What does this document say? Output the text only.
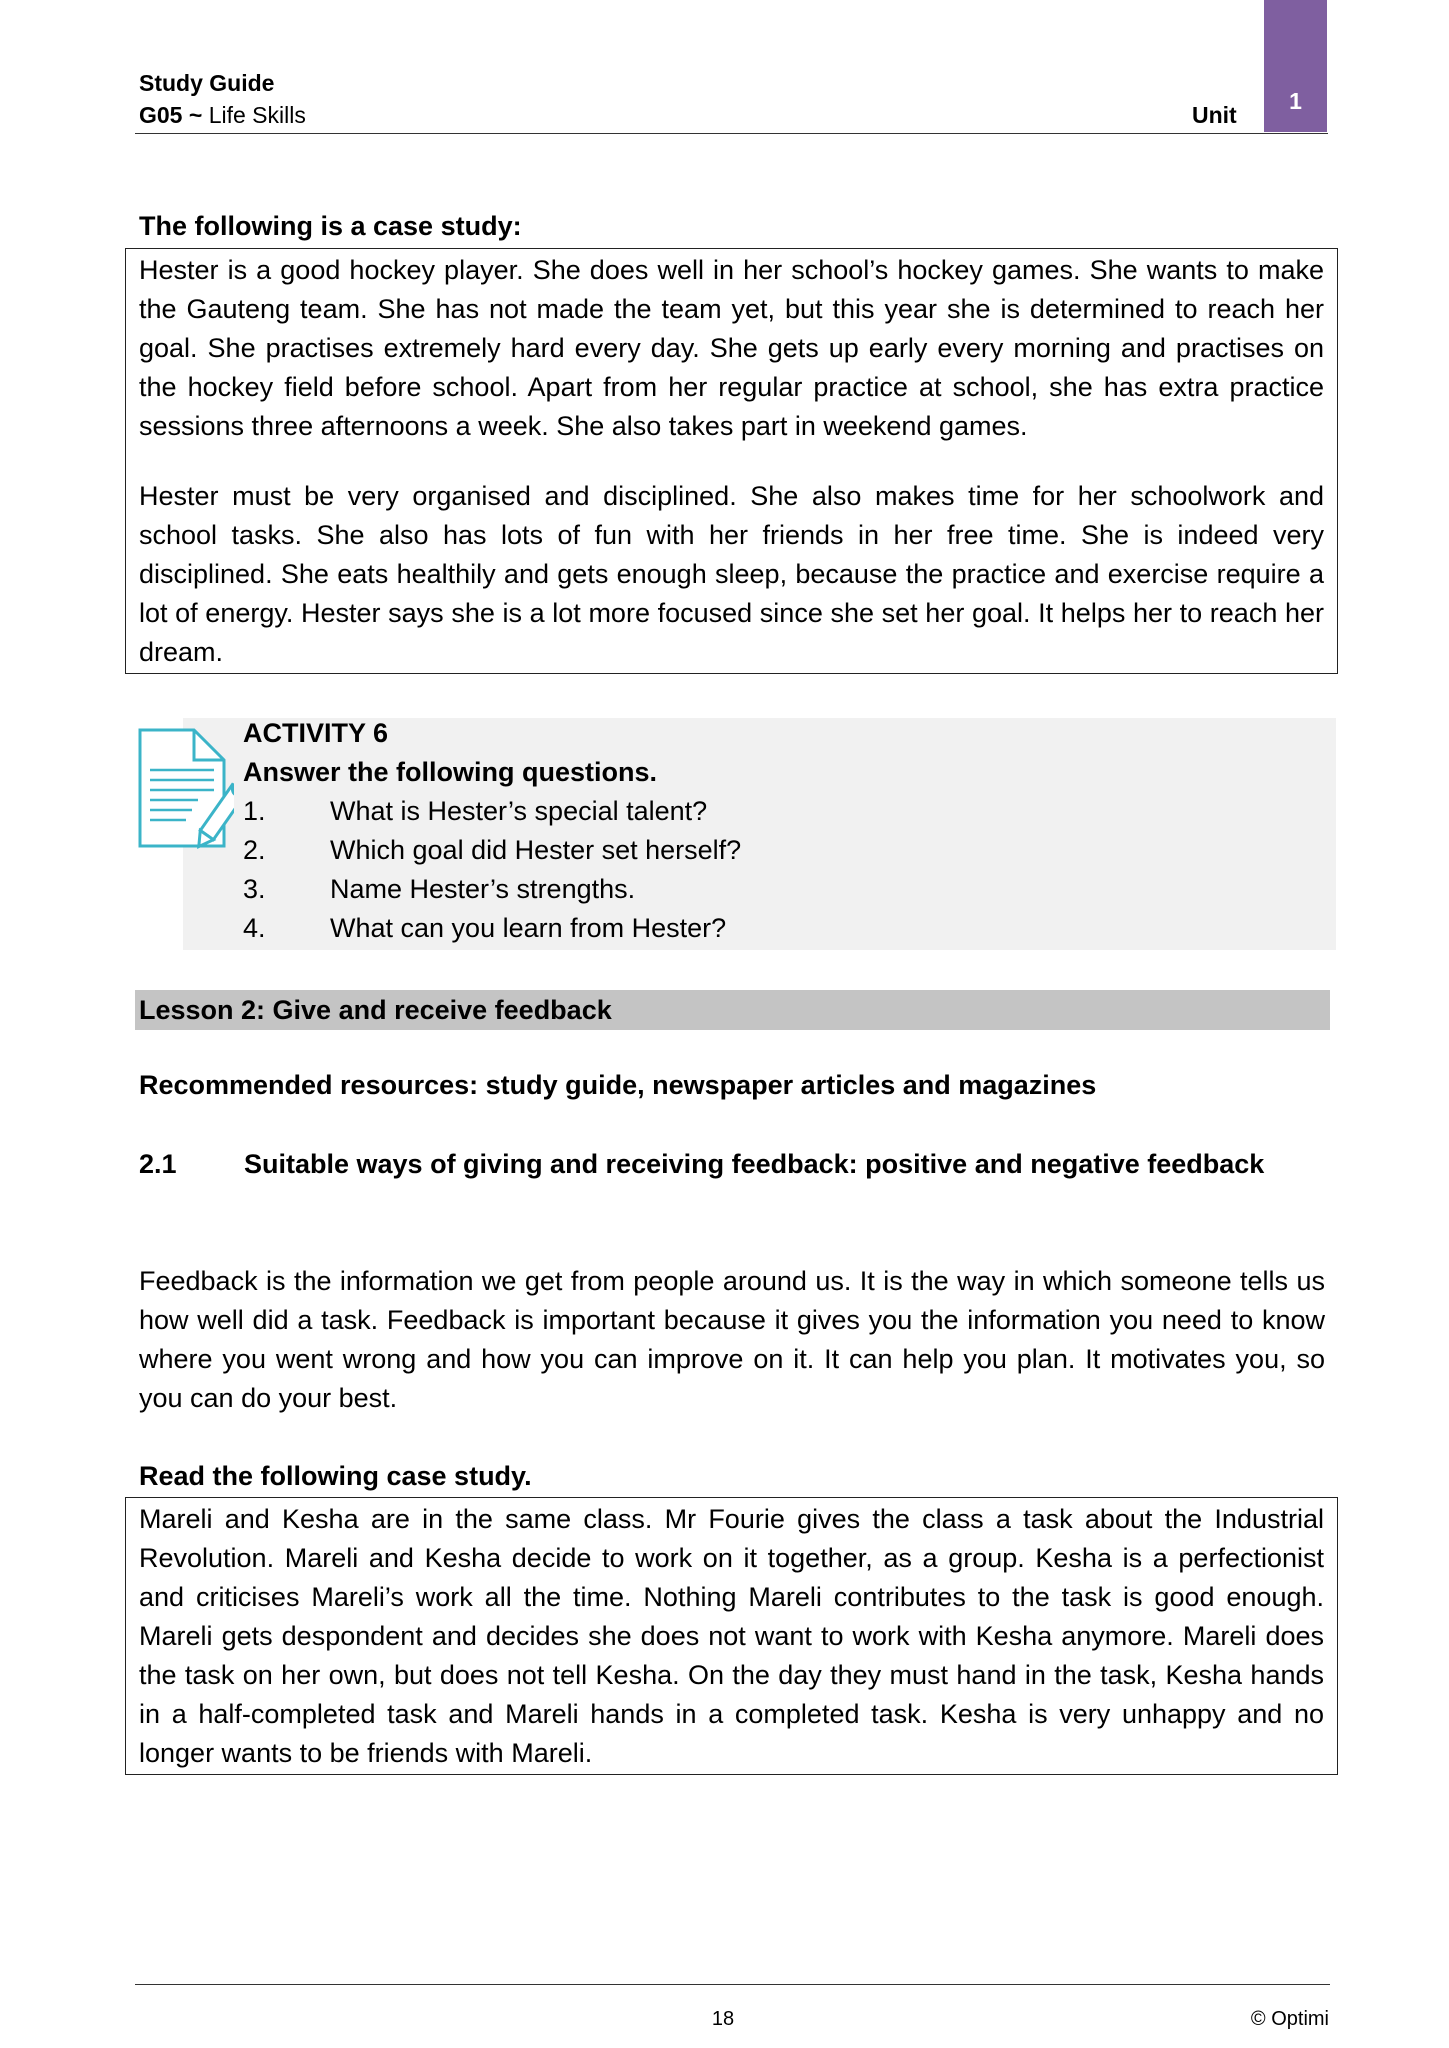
Study Guide
G05 ~ Life Skills	Unit
1
The following is a case study:

Hester is a good hockey player. She does well in her school’s hockey games. She wants to make the Gauteng team. She has not made the team yet, but this year she is determined to reach her goal. She practises extremely hard every day. She gets up early every morning and practises on the hockey field before school. Apart from her regular practice at school, she has extra practice sessions three afternoons a week. She also takes part in weekend games.

Hester must be very organised and disciplined. She also makes time for her schoolwork and school tasks. She also has lots of fun with her friends in her free time. She is indeed very disciplined. She eats healthily and gets enough sleep, because the practice and exercise require a lot of energy. Hester says she is a lot more focused since she set her goal. It helps her to reach her dream.

ACTIVITY 6
Answer the following questions.
1.	What is Hester’s special talent?
2.	Which goal did Hester set herself?
3.	Name Hester’s strengths.
4.	What can you learn from Hester?
Lesson 2: Give and receive feedback
Recommended resources: study guide, newspaper articles and magazines
2.1 Suitable ways of giving and receiving feedback: positive and negative feedback
Feedback is the information we get from people around us. It is the way in which someone tells us how well did a task. Feedback is important because it gives you the information you need to know where you went wrong and how you can improve on it. It can help you plan. It motivates you, so you can do your best.
Read the following case study.

Mareli and Kesha are in the same class. Mr Fourie gives the class a task about the Industrial Revolution. Mareli and Kesha decide to work on it together, as a group. Kesha is a perfectionist and criticises Mareli’s work all the time. Nothing Mareli contributes to the task is good enough. Mareli gets despondent and decides she does not want to work with Kesha anymore. Mareli does the task on her own, but does not tell Kesha. On the day they must hand in the task, Kesha hands in a half-completed task and Mareli hands in a completed task. Kesha is very unhappy and no longer wants to be friends with Mareli.

18	© Optimi
